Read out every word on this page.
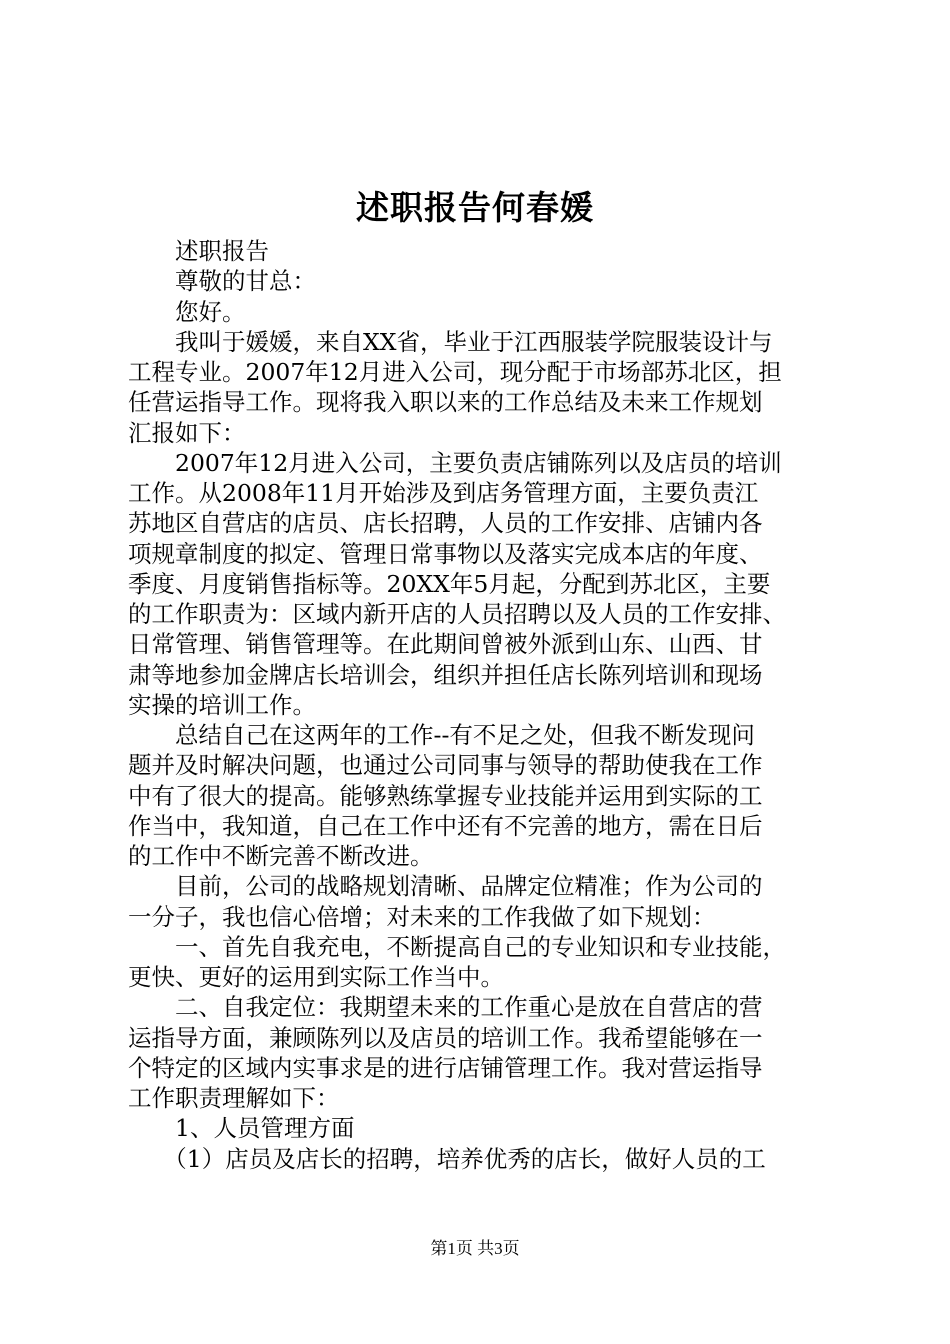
述职报告何春媛
　　述职报告
　　尊敬的甘总：
　　您好。
　　我叫于媛媛，来自XX省，毕业于江西服装学院服装设计与
工程专业。2007年12月进入公司，现分配于市场部苏北区，担
任营运指导工作。现将我入职以来的工作总结及未来工作规划
汇报如下：
　　2007年12月进入公司，主要负责店铺陈列以及店员的培训
工作。从2008年11月开始涉及到店务管理方面，主要负责江
苏地区自营店的店员、店长招聘，人员的工作安排、店铺内各
项规章制度的拟定、管理日常事物以及落实完成本店的年度、
季度、月度销售指标等。20XX年5月起，分配到苏北区，主要
的工作职责为：区域内新开店的人员招聘以及人员的工作安排、
日常管理、销售管理等。在此期间曾被外派到山东、山西、甘
肃等地参加金牌店长培训会，组织并担任店长陈列培训和现场
实操的培训工作。
　　总结自己在这两年的工作--有不足之处，但我不断发现问
题并及时解决问题，也通过公司同事与领导的帮助使我在工作
中有了很大的提高。能够熟练掌握专业技能并运用到实际的工
作当中，我知道，自己在工作中还有不完善的地方，需在日后
的工作中不断完善不断改进。
　　目前，公司的战略规划清晰、品牌定位精准；作为公司的
一分子，我也信心倍增；对未来的工作我做了如下规划：
　　一、首先自我充电，不断提高自己的专业知识和专业技能，
更快、更好的运用到实际工作当中。
　　二、自我定位：我期望未来的工作重心是放在自营店的营
运指导方面，兼顾陈列以及店员的培训工作。我希望能够在一
个特定的区域内实事求是的进行店铺管理工作。我对营运指导
工作职责理解如下：
　　1、人员管理方面
　　（1）店员及店长的招聘，培养优秀的店长，做好人员的工
第1页 共3页
